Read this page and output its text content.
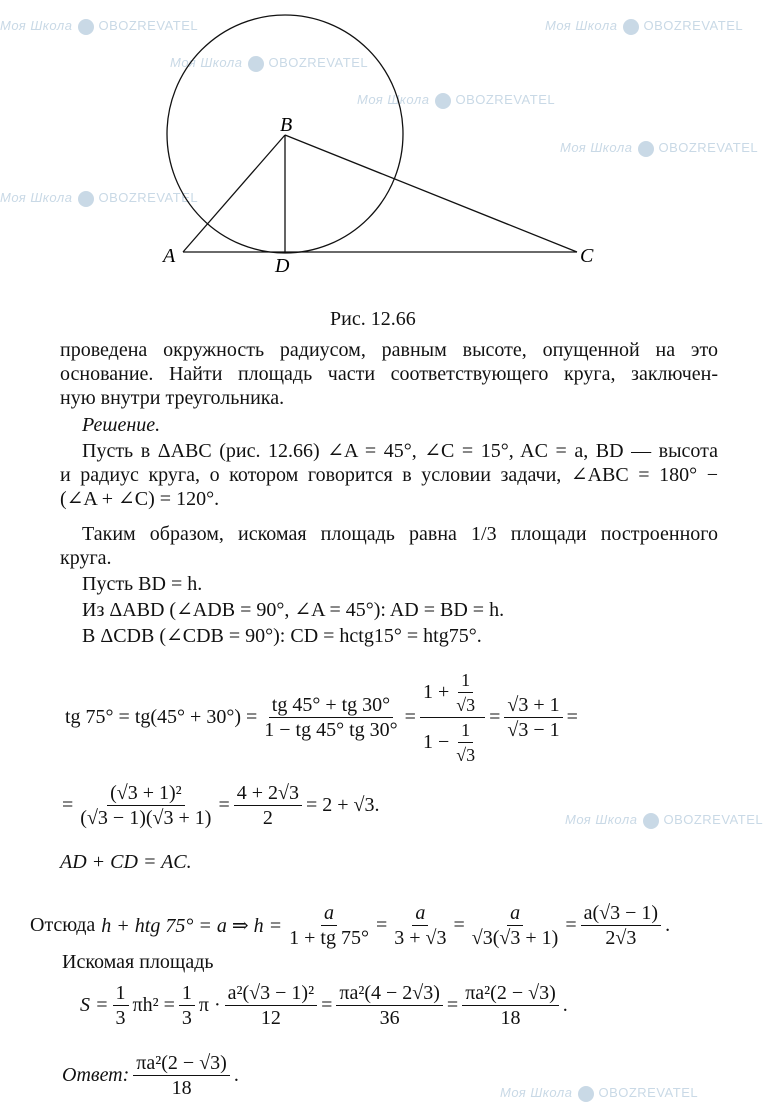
Моя Школа OBOZREVATEL	Моя Школа OBOZREVATEL
Моя Школа OBOZREVATEL
Моя Школа OBOZREVATEL
Моя Школа OBOZREVATEL
Моя Школа OBOZREVATEL
Моя Школа OBOZREVATEL
Моя Школа OBOZREVATEL
B
A	D	C
Рис. 12.66
проведена окружность радиусом, равным высоте, опущенной на это
основание. Найти площадь части соответствующего круга, заключен-
ную внутри треугольника.
Решение.
Пусть в ΔABC (рис. 12.66) ∠A = 45°, ∠C = 15°, AC = a, BD — высота
и радиус круга, о котором говорится в условии задачи, ∠ABC = 180° −
(∠A + ∠C) = 120°.
Таким образом, искомая площадь равна 1/3 площади построенного
круга.
Пусть BD = h.
Из ΔABD (∠ADB = 90°, ∠A = 45°): AD = BD = h.
В ΔCDB (∠CDB = 90°): CD = hctg15° = htg75°.
tg $75^\circ = tg(45^\circ + 30^\circ) = \frac{tg 45^\circ + tg 30^\circ}{1 - tg 45^\circ tg 30^\circ} = \frac{1 + \frac{1}{√3}}{1 - \frac{1}{√3}} = \frac{√3 + 1}{√3 - 1}$ =
= $\frac{\text{(√3 + 1)²}}{(√3 - 1)(√3 + 1)} = \frac{4 + 2√3}{2} = 2 + √3$.
AD + CD = AC.
Отсюда h + htg 75° = a ⇒ $h = \frac{a}{1 + tg 75^\circ} = \frac{a}{3 + √3} = \frac{a}{√3(√3 + 1)} = \frac{a(√3 - 1)}{2√3}$ .
Искомая площадь
$S = \frac{1}{3} \pi h^2 = \frac{1}{3}$ $\pi \cdot \frac{\text{a²(√3 − 1)²}}{12} = \frac{\text{πa²(4 − 2√3)}}{36} = \frac{\text{πa²(2 − √3)}}{18}$ .
Ответ: $\frac{\text{πa²(2 − √3)}}{18}$ .
